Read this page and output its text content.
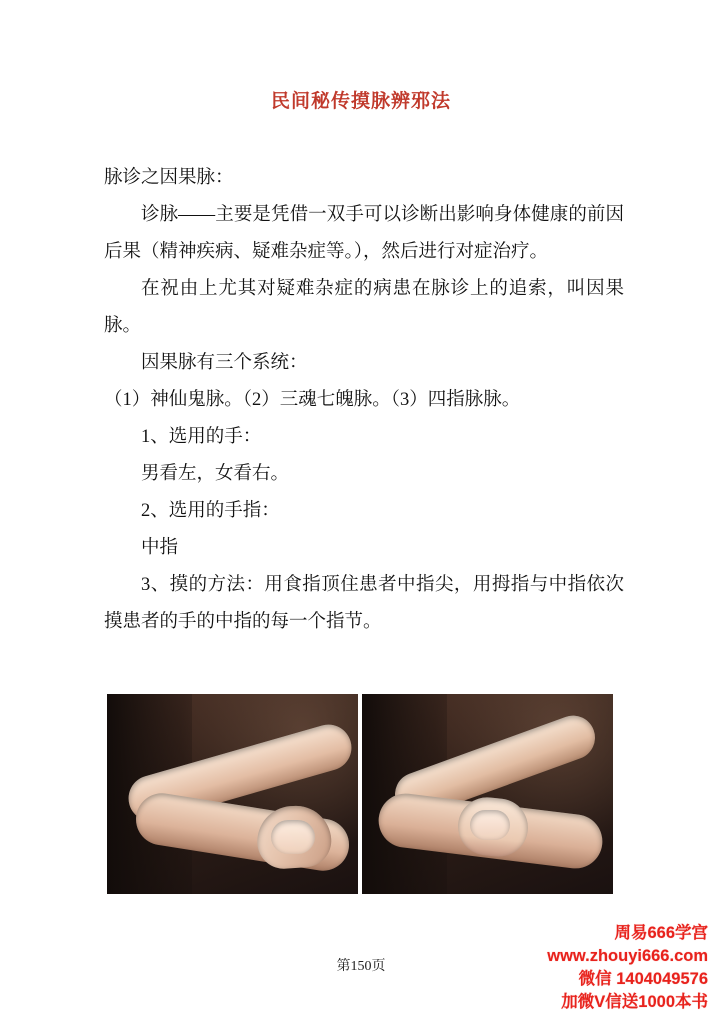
民间秘传摸脉辨邪法

脉诊之因果脉：

诊脉——主要是凭借一双手可以诊断出影响身体健康的前因后果（精神疾病、疑难杂症等。），然后进行对症治疗。

在祝由上尤其对疑难杂症的病患在脉诊上的追索，叫因果脉。

因果脉有三个系统：

（1）神仙鬼脉。（2）三魂七魄脉。（3）四指脉脉。

1、选用的手：

男看左，女看右。

2、选用的手指：

中指

3、摸的方法：用食指顶住患者中指尖，用拇指与中指依次摸患者的手的中指的每一个指节。

第150页
周易666学宫
www.zhouyi666.com
微信 1404049576
加微V信送1000本书
